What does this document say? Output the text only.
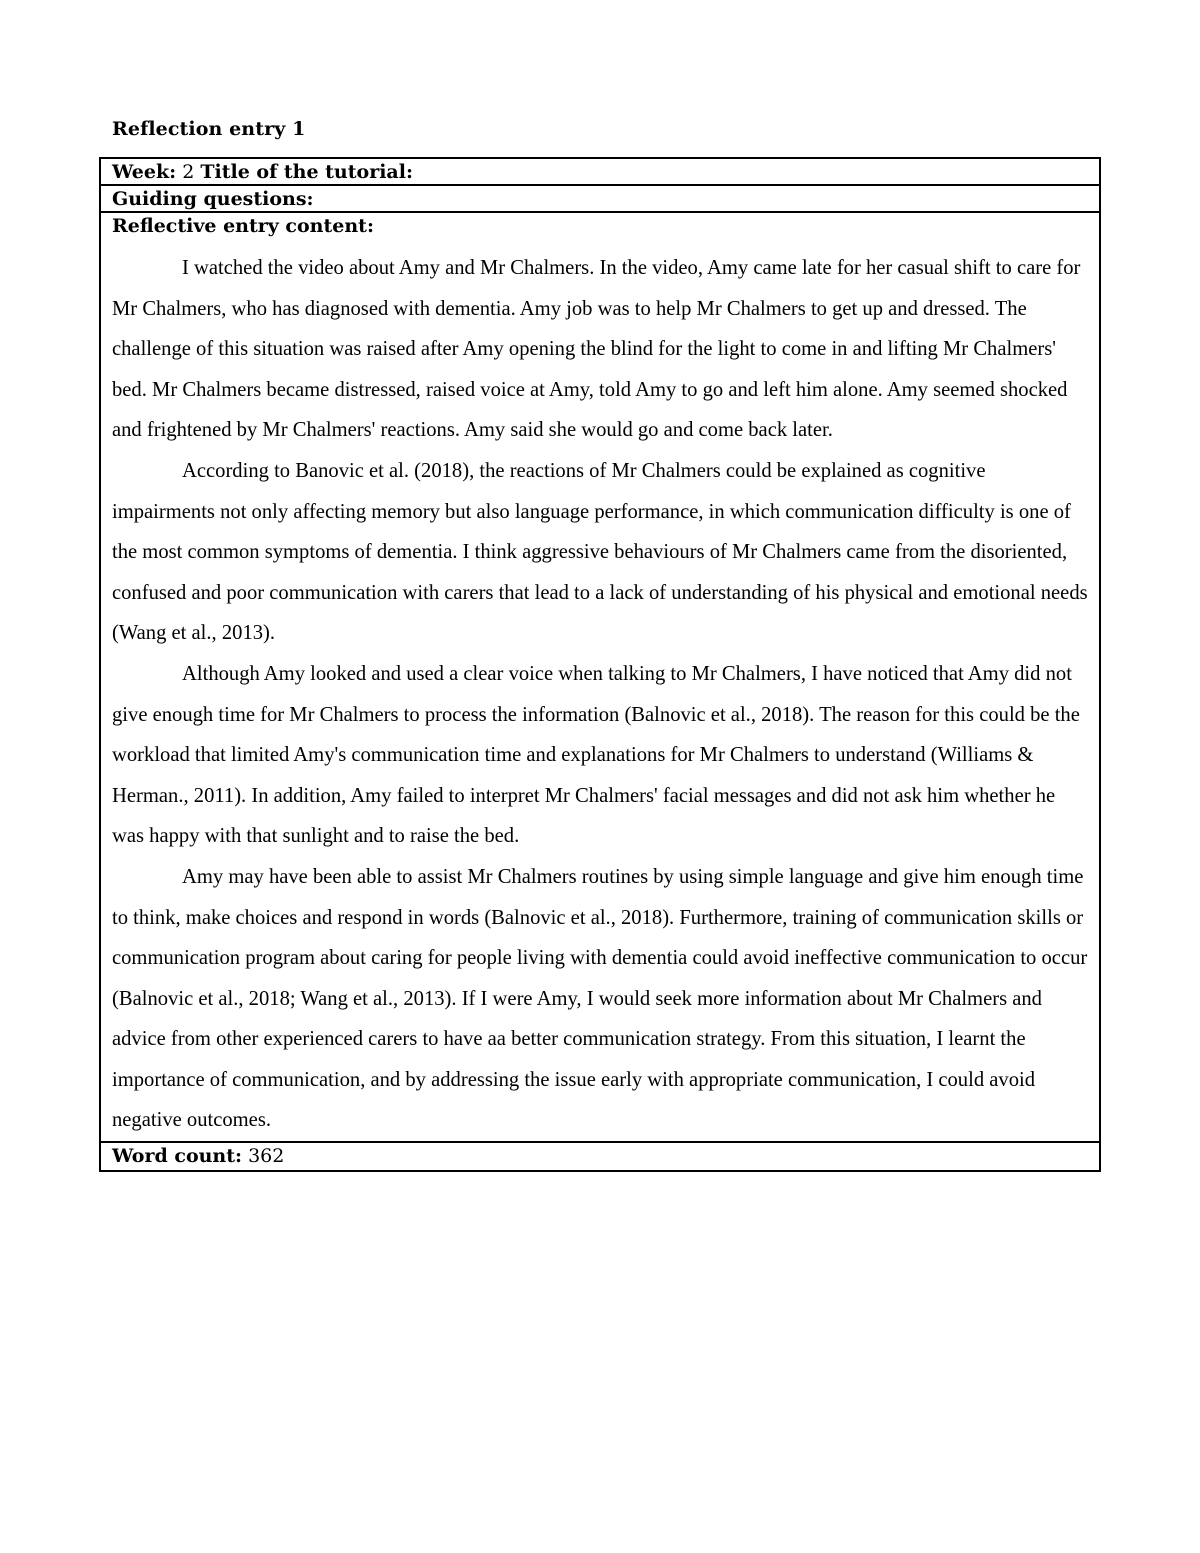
Reflection entry 1
Week: 2 Title of the tutorial:
Guiding questions:
Reflective entry content:

I watched the video about Amy and Mr Chalmers. In the video, Amy came late for her casual shift to care for Mr Chalmers, who has diagnosed with dementia. Amy job was to help Mr Chalmers to get up and dressed. The challenge of this situation was raised after Amy opening the blind for the light to come in and lifting Mr Chalmers' bed. Mr Chalmers became distressed, raised voice at Amy, told Amy to go and left him alone. Amy seemed shocked and frightened by Mr Chalmers' reactions. Amy said she would go and come back later.

According to Banovic et al. (2018), the reactions of Mr Chalmers could be explained as cognitive impairments not only affecting memory but also language performance, in which communication difficulty is one of the most common symptoms of dementia. I think aggressive behaviours of Mr Chalmers came from the disoriented, confused and poor communication with carers that lead to a lack of understanding of his physical and emotional needs (Wang et al., 2013).

Although Amy looked and used a clear voice when talking to Mr Chalmers, I have noticed that Amy did not give enough time for Mr Chalmers to process the information (Balnovic et al., 2018). The reason for this could be the workload that limited Amy's communication time and explanations for Mr Chalmers to understand (Williams & Herman., 2011). In addition, Amy failed to interpret Mr Chalmers' facial messages and did not ask him whether he was happy with that sunlight and to raise the bed.

Amy may have been able to assist Mr Chalmers routines by using simple language and give him enough time to think, make choices and respond in words (Balnovic et al., 2018). Furthermore, training of communication skills or communication program about caring for people living with dementia could avoid ineffective communication to occur (Balnovic et al., 2018; Wang et al., 2013). If I were Amy, I would seek more information about Mr Chalmers and advice from other experienced carers to have aa better communication strategy. From this situation, I learnt the importance of communication, and by addressing the issue early with appropriate communication, I could avoid negative outcomes.

Word count: 362
